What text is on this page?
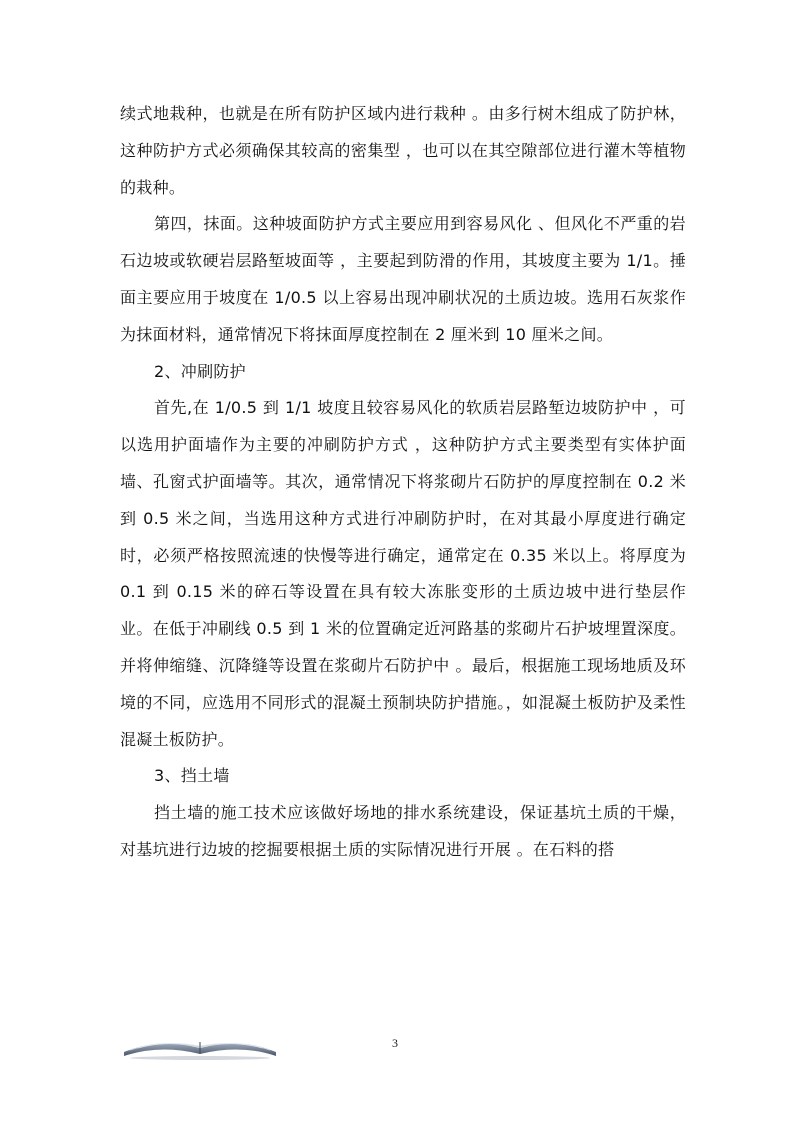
续式地栽种，也就是在所有防护区域内进行栽种 。由多行树木组成了防护林，这种防护方式必须确保其较高的密集型 ，也可以在其空隙部位进行灌木等植物的栽种。

第四，抹面。这种坡面防护方式主要应用到容易风化 、但风化不严重的岩石边坡或软硬岩层路堑坡面等 ，主要起到防滑的作用，其坡度主要为 1/1。捶面主要应用于坡度在 1/0.5 以上容易出现冲刷状况的土质边坡。选用石灰浆作为抹面材料，通常情况下将抹面厚度控制在 2 厘米到 10 厘米之间。

2、冲刷防护

首先,在 1/0.5 到 1/1 坡度且较容易风化的软质岩层路堑边坡防护中 ，可以选用护面墙作为主要的冲刷防护方式 ，这种防护方式主要类型有实体护面墙、孔窗式护面墙等。其次，通常情况下将浆砌片石防护的厚度控制在 0.2 米到 0.5 米之间，当选用这种方式进行冲刷防护时，在对其最小厚度进行确定时，必须严格按照流速的快慢等进行确定，通常定在 0.35 米以上。将厚度为 0.1 到 0.15 米的碎石等设置在具有较大冻胀变形的土质边坡中进行垫层作业。在低于冲刷线 0.5 到 1 米的位置确定近河路基的浆砌片石护坡埋置深度。并将伸缩缝、沉降缝等设置在浆砌片石防护中 。最后，根据施工现场地质及环境的不同，应选用不同形式的混凝土预制块防护措施。，如混凝土板防护及柔性混凝土板防护。

3、挡土墙

挡土墙的施工技术应该做好场地的排水系统建设，保证基坑土质的干燥，对基坑进行边坡的挖掘要根据土质的实际情况进行开展 。在石料的搭

3
